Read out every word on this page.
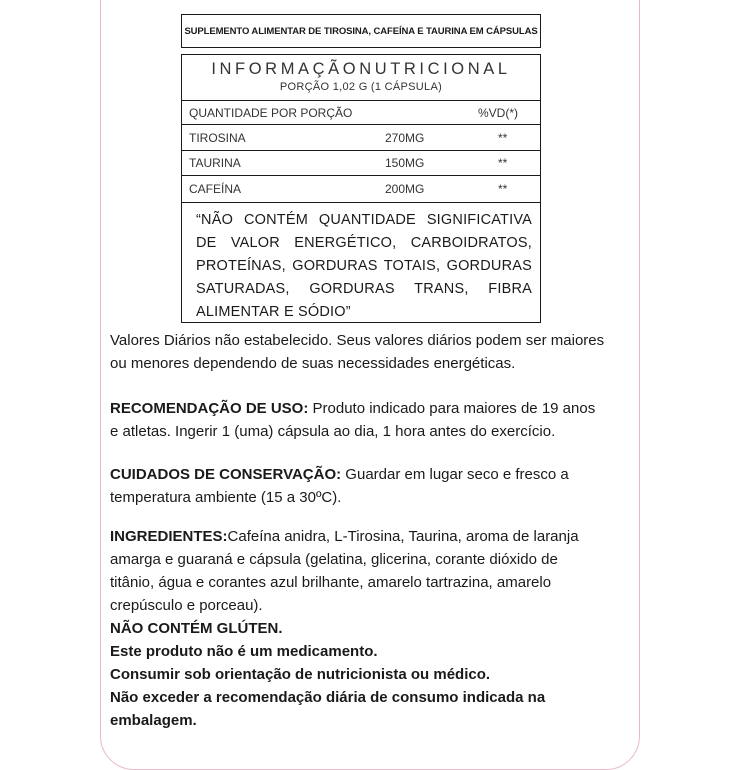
SUPLEMENTO ALIMENTAR DE TIROSINA, CAFEÍNA E TAURINA EM CÁPSULAS
INFORMAÇÃONUTRICIONAL
PORÇÃO 1,02 G (1 CÁPSULA)
QUANTIDADE POR PORÇÃO	%VD(*)
TIROSINA	270MG	**
TAURINA	150MG	**
CAFEÍNA	200MG	**
“NÃO CONTÉM QUANTIDADE SIGNIFICATIVA DE VALOR ENERGÉTICO, CARBOIDRATOS, PROTEÍNAS, GORDURAS TOTAIS, GORDURAS SATURADAS, GORDURAS TRANS, FIBRA ALIMENTAR E SÓDIO”
Valores Diários não estabelecido. Seus valores diários podem ser maiores
ou menores dependendo de suas necessidades energéticas.
RECOMENDAÇÃO DE USO: Produto indicado para maiores de 19 anos
e atletas. Ingerir 1 (uma) cápsula ao dia, 1 hora antes do exercício.
CUIDADOS DE CONSERVAÇÃO: Guardar em lugar seco e fresco a
temperatura ambiente (15 a 30ºC).
INGREDIENTES:Cafeína anidra, L-Tirosina, Taurina, aroma de laranja
amarga e guaraná e cápsula (gelatina, glicerina, corante dióxido de
titânio, água e corantes azul brilhante, amarelo tartrazina, amarelo
crepúsculo e porceau).
NÃO CONTÉM GLÚTEN.
Este produto não é um medicamento.
Consumir sob orientação de nutricionista ou médico.
Não exceder a recomendação diária de consumo indicada na
embalagem.
